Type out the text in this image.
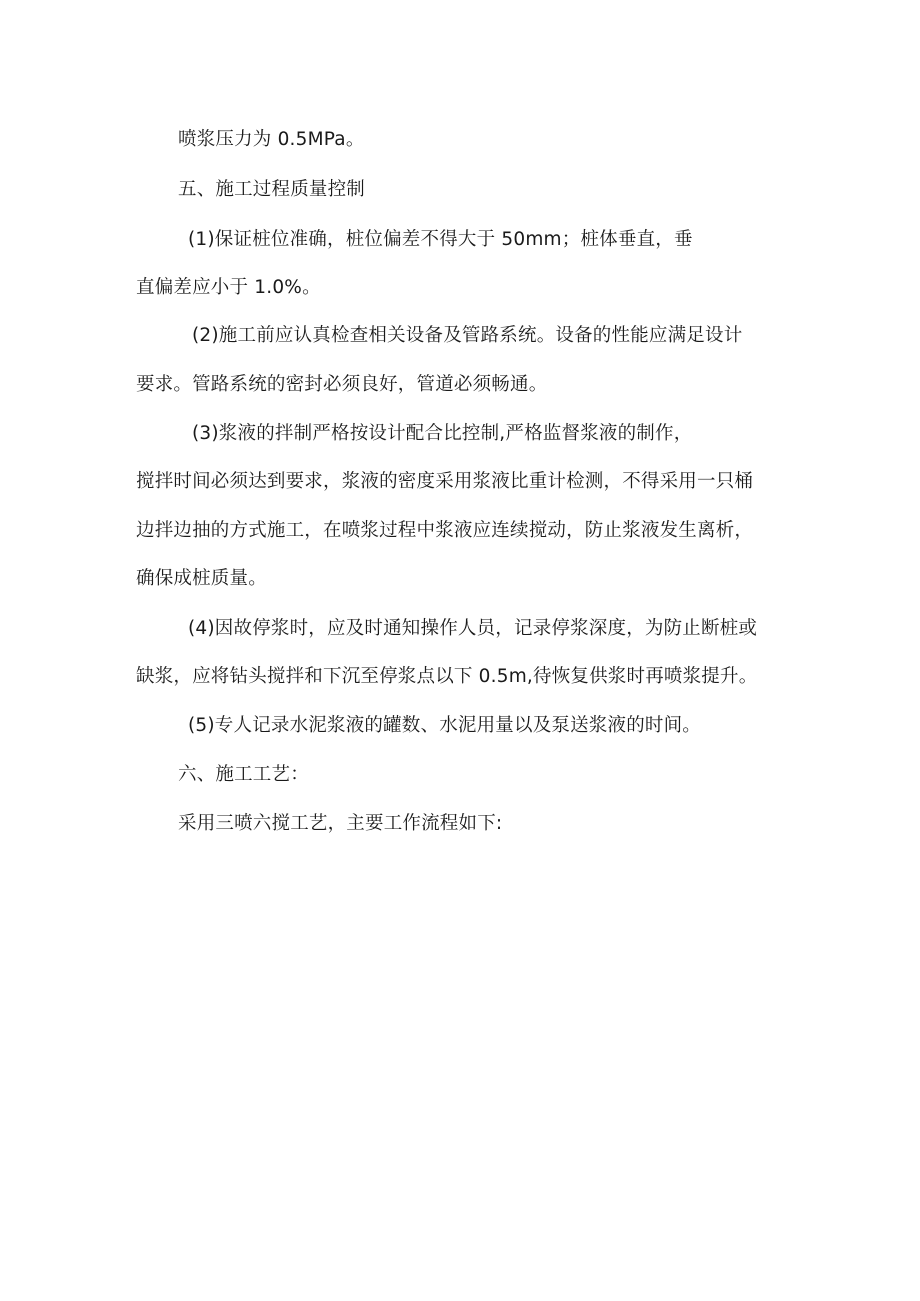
喷浆压力为 0.5MPa。
五、施工过程质量控制
(1)保证桩位准确，桩位偏差不得大于 50mm；桩体垂直，垂
直偏差应小于 1.0%。
(2)施工前应认真检查相关设备及管路系统。设备的性能应满足设计
要求。管路系统的密封必须良好，管道必须畅通。
(3)浆液的拌制严格按设计配合比控制,严格监督浆液的制作，
搅拌时间必须达到要求，浆液的密度采用浆液比重计检测，不得采用一只桶
边拌边抽的方式施工，在喷浆过程中浆液应连续搅动，防止浆液发生离析，
确保成桩质量。
(4)因故停浆时，应及时通知操作人员，记录停浆深度，为防止断桩或
缺浆，应将钻头搅拌和下沉至停浆点以下 0.5m,待恢复供浆时再喷浆提升。
(5)专人记录水泥浆液的罐数、水泥用量以及泵送浆液的时间。
六、施工工艺：
采用三喷六搅工艺，主要工作流程如下:
